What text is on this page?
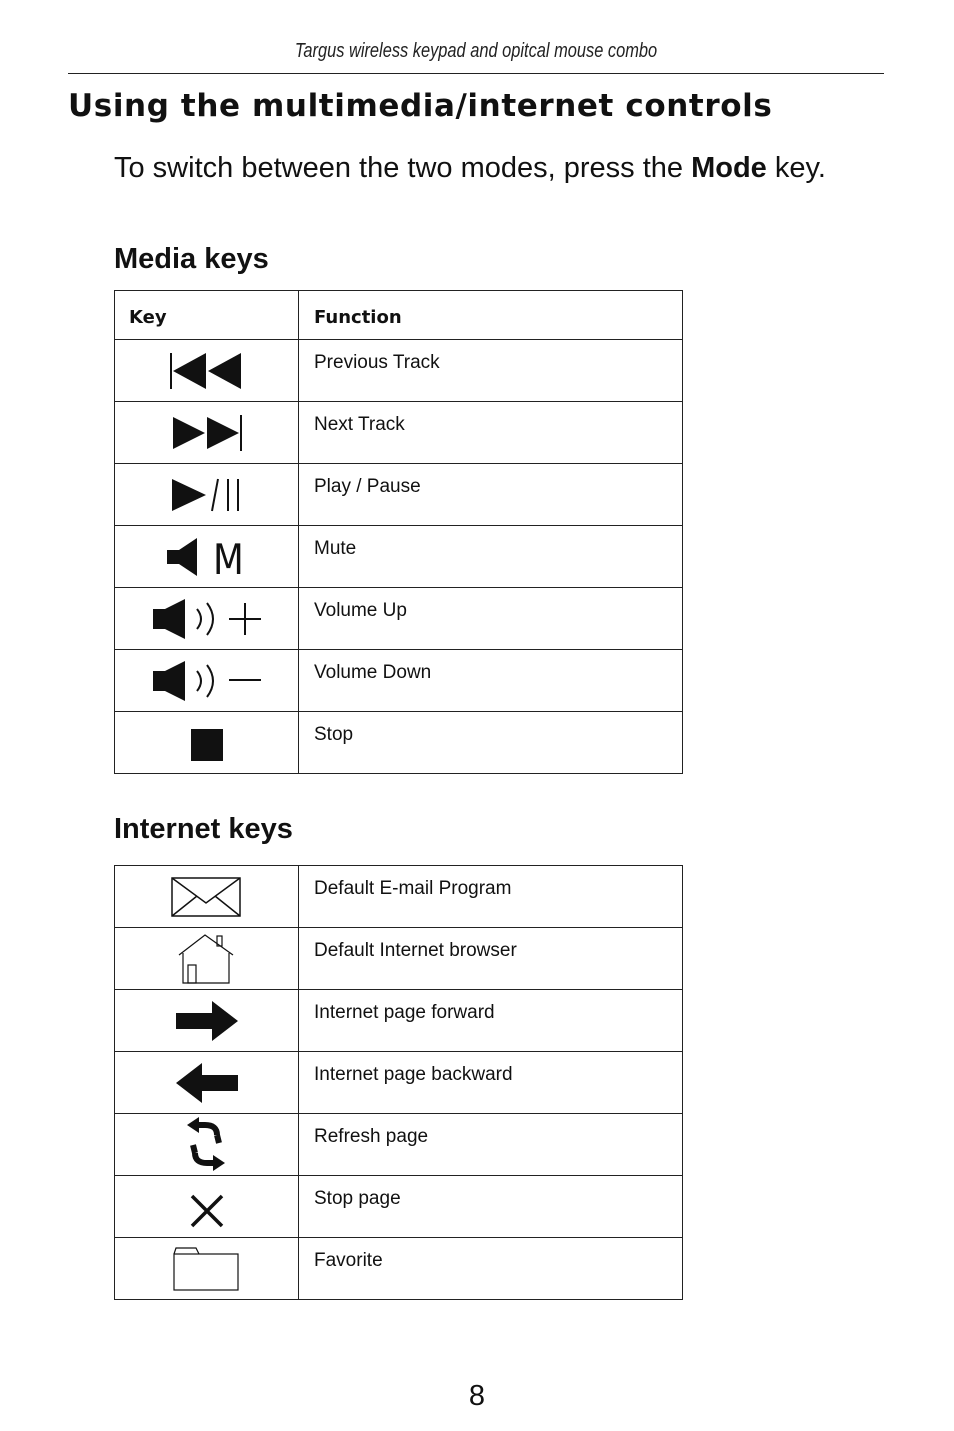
Targus wireless keypad and opitcal mouse combo
Using the multimedia/internet controls

To switch between the two modes, press the Mode key.

Media keys
Key	Function

	Previous Track

	Next Track

	Play / Pause

M	Mute

	Volume Up

	Volume Down

	Stop
Internet keys
	Default E-mail Program

	Default Internet browser

	Internet page forward

	Internet page backward

	Refresh page

	Stop page

	Favorite
8
